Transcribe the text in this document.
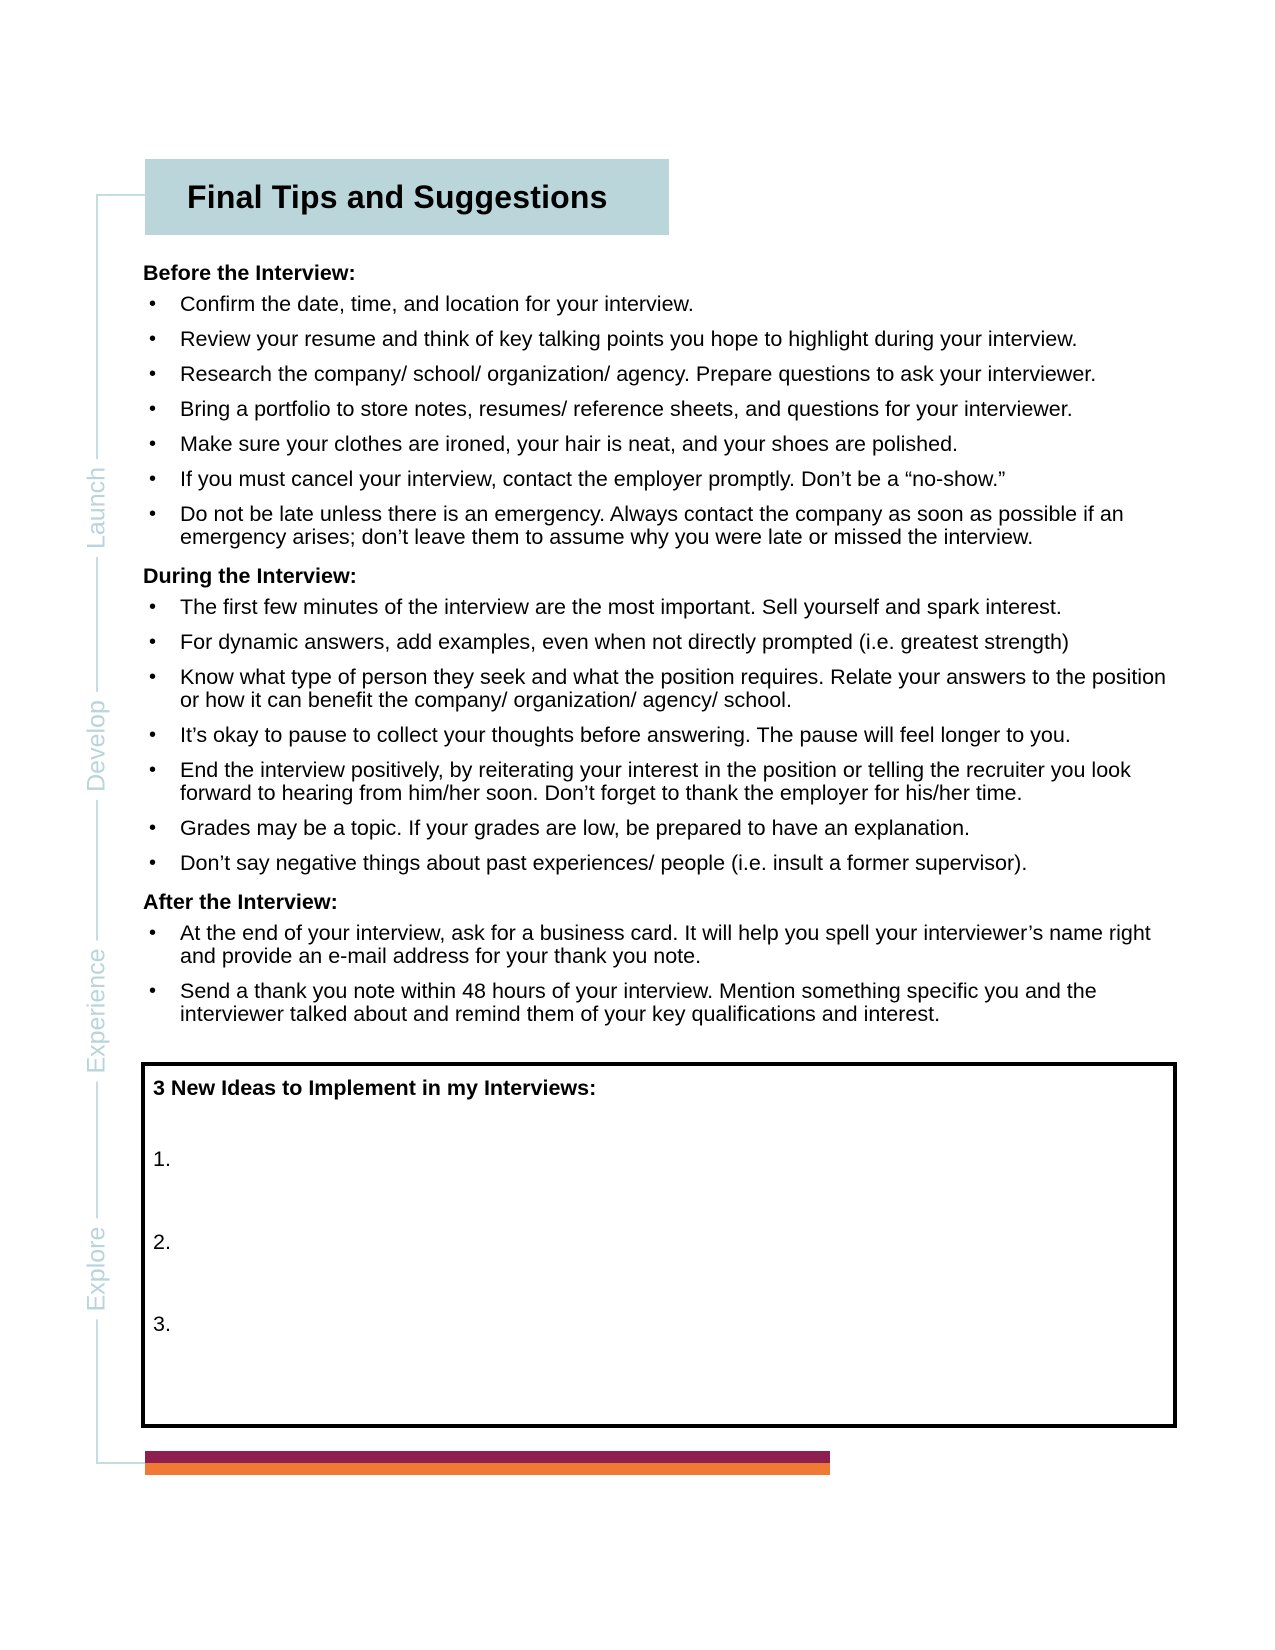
Launch
Develop
Experience
Explore
Final Tips and Suggestions
Before the Interview:
• Confirm the date, time, and location for your interview.
• Review your resume and think of key talking points you hope to highlight during your interview.
• Research the company/ school/ organization/ agency. Prepare questions to ask your interviewer.
• Bring a portfolio to store notes, resumes/ reference sheets, and questions for your interviewer.
• Make sure your clothes are ironed, your hair is neat, and your shoes are polished.
• If you must cancel your interview, contact the employer promptly. Don’t be a “no-show.”
• Do not be late unless there is an emergency. Always contact the company as soon as possible if an emergency arises; don’t leave them to assume why you were late or missed the interview.
During the Interview:
• The first few minutes of the interview are the most important. Sell yourself and spark interest.
• For dynamic answers, add examples, even when not directly prompted (i.e. greatest strength)
• Know what type of person they seek and what the position requires. Relate your answers to the position or how it can benefit the company/ organization/ agency/ school.
• It’s okay to pause to collect your thoughts before answering. The pause will feel longer to you.
• End the interview positively, by reiterating your interest in the position or telling the recruiter you look forward to hearing from him/her soon. Don’t forget to thank the employer for his/her time.
• Grades may be a topic. If your grades are low, be prepared to have an explanation.
• Don’t say negative things about past experiences/ people (i.e. insult a former supervisor).
After the Interview:
• At the end of your interview, ask for a business card. It will help you spell your interviewer’s name right and provide an e-mail address for your thank you note.
• Send a thank you note within 48 hours of your interview. Mention something specific you and the interviewer talked about and remind them of your key qualifications and interest.
3 New Ideas to Implement in my Interviews:
1.
2.
3.
